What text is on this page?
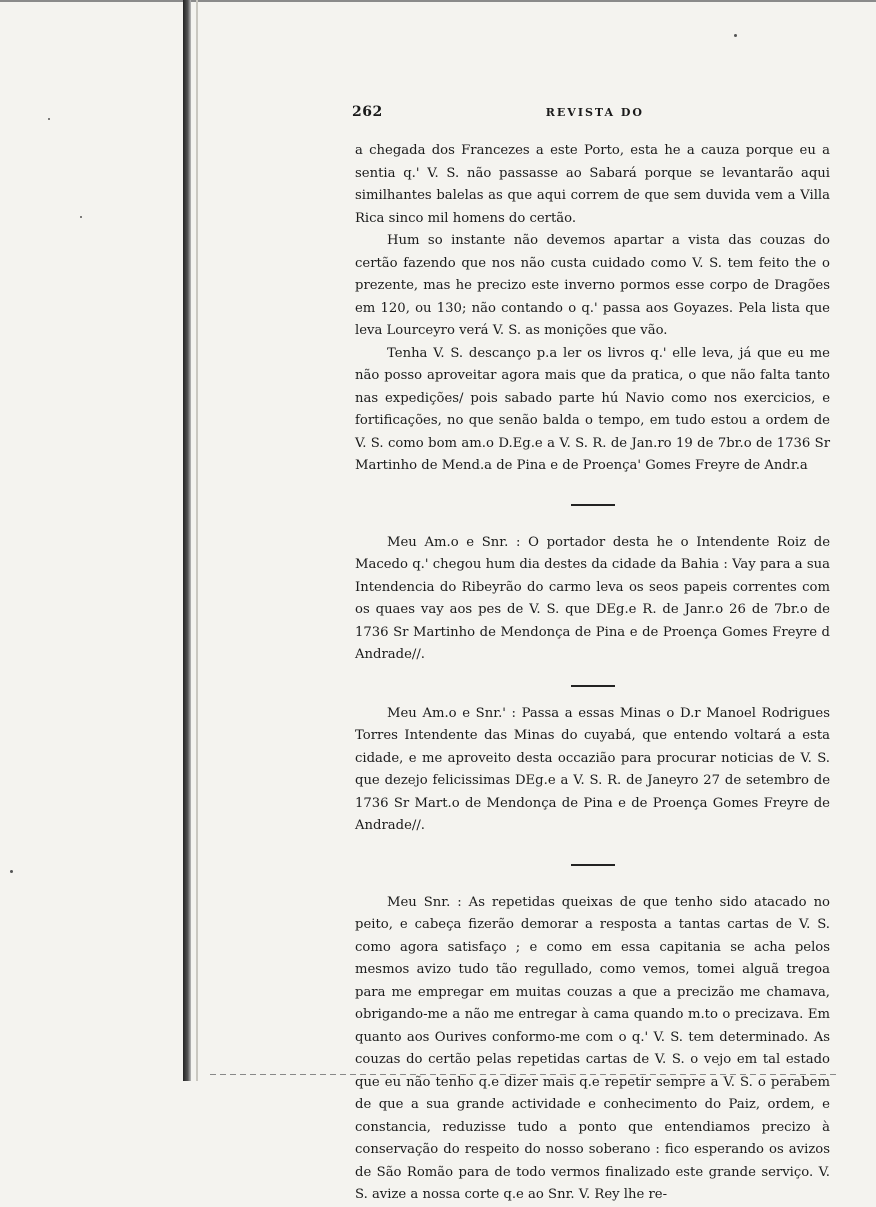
262	REVISTA DO

a chegada dos Francezes a este Porto, esta he a cauza porque eu a sentia q.' V. S. não passasse ao Sabará porque se levantarão aqui similhantes balelas as que aqui correm de que sem duvida vem a Villa Rica sinco mil homens do certão.

Hum so instante não devemos apartar a vista das couzas do certão fazendo que nos não custa cuidado como V. S. tem feito the o prezente, mas he precizo este inverno pormos esse corpo de Dragões em 120, ou 130; não contando o q.' passa aos Goyazes. Pela lista que leva Lourceyro verá V. S. as monições que vão.

Tenha V. S. descanço p.a ler os livros q.' elle leva, já que eu me não posso aproveitar agora mais que da pratica, o que não falta tanto nas expedições/ pois sabado parte hú Navio como nos exercicios, e fortificações, no que senão balda o tempo, em tudo estou a ordem de V. S. como bom am.o D.Eg.e a V. S. R. de Jan.ro 19 de 7br.o de 1736 Sr Martinho de Mend.a de Pina e de Proença' Gomes Freyre de Andr.a

Meu Am.o e Snr. : O portador desta he o Intendente Roiz de Macedo q.' chegou hum dia destes da cidade da Bahia : Vay para a sua Intendencia do Ribeyrão do carmo leva os seos papeis correntes com os quaes vay aos pes de V. S. que DEg.e R. de Janr.o 26 de 7br.o de 1736 Sr Martinho de Mendonça de Pina e de Proença Gomes Freyre d Andrade//.

Meu Am.o e Snr.' : Passa a essas Minas o D.r Manoel Rodrigues Torres Intendente das Minas do cuyabá, que entendo voltará a esta cidade, e me aproveito desta occazião para procurar noticias de V. S. que dezejo felicissimas DEg.e a V. S. R. de Janeyro 27 de setembro de 1736 Sr Mart.o de Mendonça de Pina e de Proença Gomes Freyre de Andrade//.

Meu Snr. : As repetidas queixas de que tenho sido atacado no peito, e cabeça fizerão demorar a resposta a tantas cartas de V. S. como agora satisfaço ; e como em essa capitania se acha pelos mesmos avizo tudo tão regullado, como vemos, tomei alguã tregoa para me empregar em muitas couzas a que a precizão me chamava, obrigando-me a não me entregar à cama quando m.to o precizava. Em quanto aos Ourives conformo-me com o q.' V. S. tem determinado. As couzas do certão pelas repetidas cartas de V. S. o vejo em tal estado que eu não tenho q.e dizer mais q.e repetir sempre a V. S. o perabem de que a sua grande actividade e conhecimento do Paiz, ordem, e constancia, reduzisse tudo a ponto que entendiamos precizo à conservação do respeito do nosso soberano : fico esperando os avizos de São Romão para de todo vermos finalizado este grande serviço. V. S. avize a nossa corte q.e ao Snr. V. Rey lhe re-
